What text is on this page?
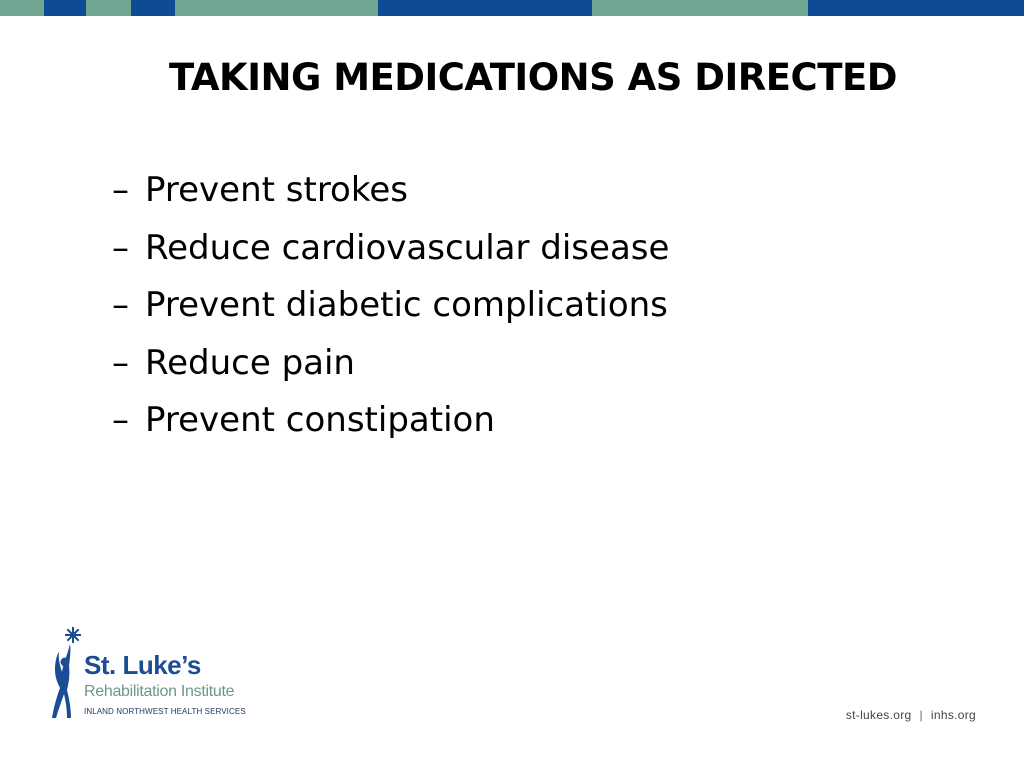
TAKING MEDICATIONS AS DIRECTED
– Prevent strokes
– Reduce cardiovascular disease
– Prevent diabetic complications
– Reduce pain
– Prevent constipation
St. Luke’s
Rehabilitation Institute
INLAND NORTHWEST HEALTH SERVICES	st-lukes.org | inhs.org
